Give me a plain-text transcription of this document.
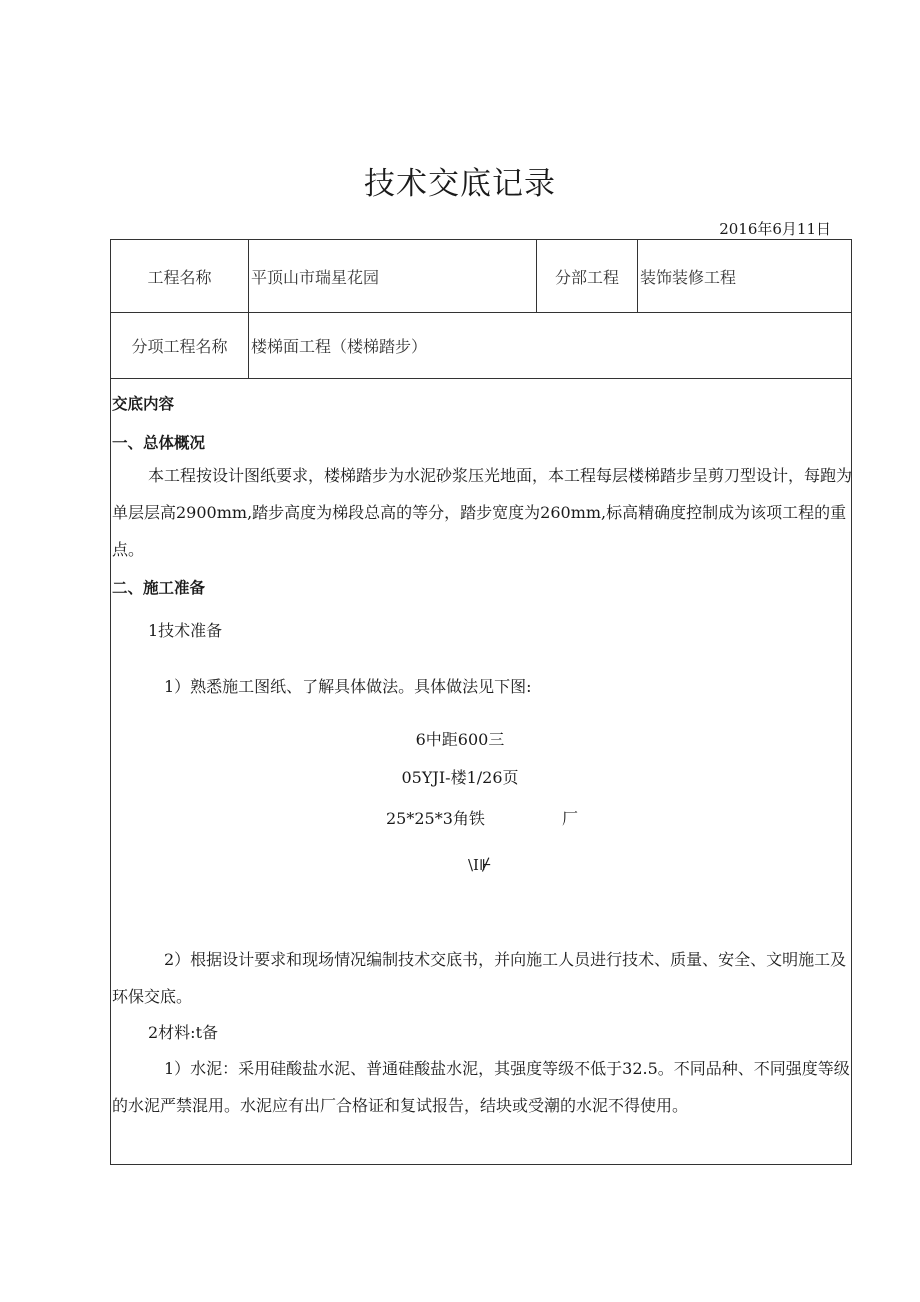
技术交底记录
2016年6月11日
工程名称	平顶山市瑞星花园	分部工程	装饰装修工程
分项工程名称	楼梯面工程（楼梯踏步）
交底内容
一、总体概况
本工程按设计图纸要求，楼梯踏步为水泥砂浆压光地面，本工程每层楼梯踏步呈剪刀型设计，每跑为单层层高2900mm,踏步高度为梯段总高的等分，踏步宽度为260mm,标高精确度控制成为该项工程的重点。
二、施工准备
1技术准备
1）熟悉施工图纸、了解具体做法。具体做法见下图:
6中距600三
05YJI-楼1/26页
25*25*3角铁	厂
\Ⅰ⊮
2）根据设计要求和现场情况编制技术交底书，并向施工人员进行技术、质量、安全、文明施工及环保交底。
2材料:t备
1）水泥：采用硅酸盐水泥、普通硅酸盐水泥，其强度等级不低于32.5。不同品种、不同强度等级的水泥严禁混用。水泥应有出厂合格证和复试报告，结块或受潮的水泥不得使用。
